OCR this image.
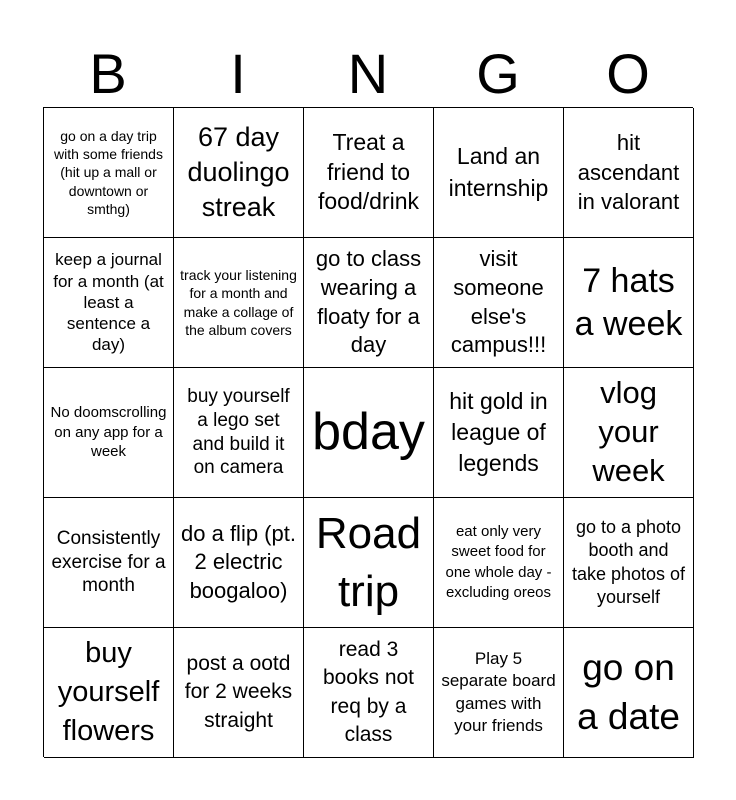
B	I	N	G	O
go on a day trip with some friends (hit up a mall or downtown or smthg)
67 day duolingo streak
Treat a friend to food/drink
Land an internship
hit ascendant in valorant
keep a journal for a month (at least a sentence a day)
track your listening for a month and make a collage of the album covers
go to class wearing a floaty for a day
visit someone else's campus!!!
7 hats a week
No doomscrolling on any app for a week
buy yourself a lego set and build it on camera
bday
hit gold in league of legends
vlog your week
Consistently exercise for a month
do a flip (pt. 2 electric boogaloo)
Road trip
eat only very sweet food for one whole day - excluding oreos
go to a photo booth and take photos of yourself
buy yourself flowers
post a ootd for 2 weeks straight
read 3 books not req by a class
Play 5 separate board games with your friends
go on a date
